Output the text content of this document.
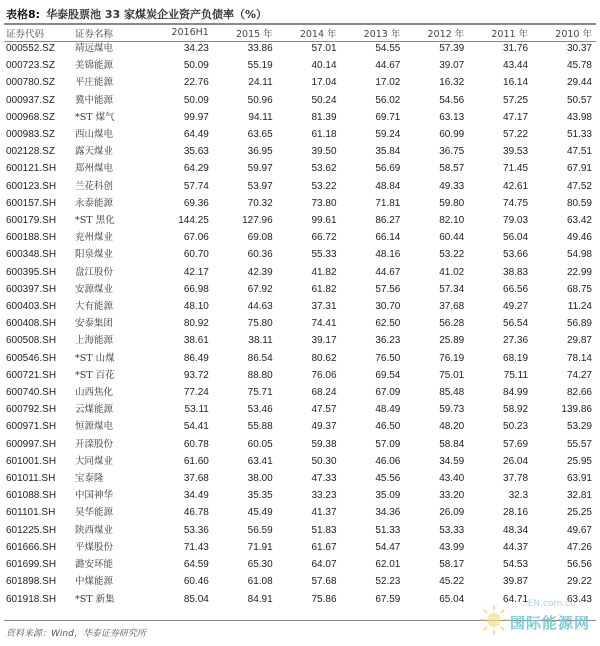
表格8: 华泰股票池 33 家煤炭企业资产负债率（%）
证券代码	证券名称	2016H1	2015 年	2014 年	2013 年	2012 年	2011 年	2010 年
000552.SZ	靖远煤电	34.23	33.86	57.01	54.55	57.39	31.76	30.37
000723.SZ	美锦能源	50.09	55.19	40.14	44.67	39.07	43.44	45.78
000780.SZ	平庄能源	22.76	24.11	17.04	17.02	16.32	16.14	29.44
000937.SZ	冀中能源	50.09	50.96	50.24	56.02	54.56	57.25	50.57
000968.SZ	*ST 煤气	99.97	94.11	81.39	69.71	63.13	47.17	43.98
000983.SZ	西山煤电	64.49	63.65	61.18	59.24	60.99	57.22	51.33
002128.SZ	露天煤业	35.63	36.95	39.50	35.84	36.75	39.53	47.51
600121.SH	郑州煤电	64.29	59.97	53.62	56.69	58.57	71.45	67.91
600123.SH	兰花科创	57.74	53.97	53.22	48.84	49.33	42.61	47.52
600157.SH	永泰能源	69.36	70.32	73.80	71.81	59.80	74.75	80.59
600179.SH	*ST 黑化	144.25	127.96	99.61	86.27	82.10	79.03	63.42
600188.SH	兖州煤业	67.06	69.08	66.72	66.14	60.44	56.04	49.46
600348.SH	阳泉煤业	60.70	60.36	55.33	48.16	53.22	53.66	54.98
600395.SH	盘江股份	42.17	42.39	41.82	44.67	41.02	38.83	22.99
600397.SH	安源煤业	66.98	67.92	61.82	57.56	57.34	66.56	68.75
600403.SH	大有能源	48.10	44.63	37.31	30.70	37.68	49.27	11.24
600408.SH	安泰集团	80.92	75.80	74.41	62.50	56.28	56.54	56.89
600508.SH	上海能源	38.61	38.11	39.17	36.23	25.89	27.36	29.87
600546.SH	*ST 山煤	86.49	86.54	80.62	76.50	76.19	68.19	78.14
600721.SH	*ST 百花	93.72	88.80	76.06	69.54	75.01	75.11	74.27
600740.SH	山西焦化	77.24	75.71	68.24	67.09	85.48	84.99	82.66
600792.SH	云煤能源	53.11	53.46	47.57	48.49	59.73	58.92	139.86
600971.SH	恒源煤电	54.41	55.88	49.37	46.50	48.20	50.23	53.29
600997.SH	开滦股份	60.78	60.05	59.38	57.09	58.84	57.69	55.57
601001.SH	大同煤业	61.60	63.41	50.30	46.06	34.59	26.04	25.95
601011.SH	宝泰隆	37.68	38.00	47.33	45.56	43.40	37.78	63.91
601088.SH	中国神华	34.49	35.35	33.23	35.09	33.20	32.3	32.81
601101.SH	昊华能源	46.78	45.49	41.37	34.36	26.09	28.16	25.25
601225.SH	陕西煤业	53.36	56.59	51.83	51.33	53.33	48.34	49.67
601666.SH	平煤股份	71.43	71.91	61.67	54.47	43.99	44.37	47.26
601699.SH	潞安环能	64.59	65.30	64.07	62.01	58.17	54.53	56.56
601898.SH	中煤能源	60.46	61.08	57.68	52.23	45.22	39.87	29.22
601918.SH	*ST 新集	85.04	84.91	75.86	67.59	65.04	64.71	63.43
资料来源：Wind，华泰证券研究所
..EN.com.cn
国际能源网
